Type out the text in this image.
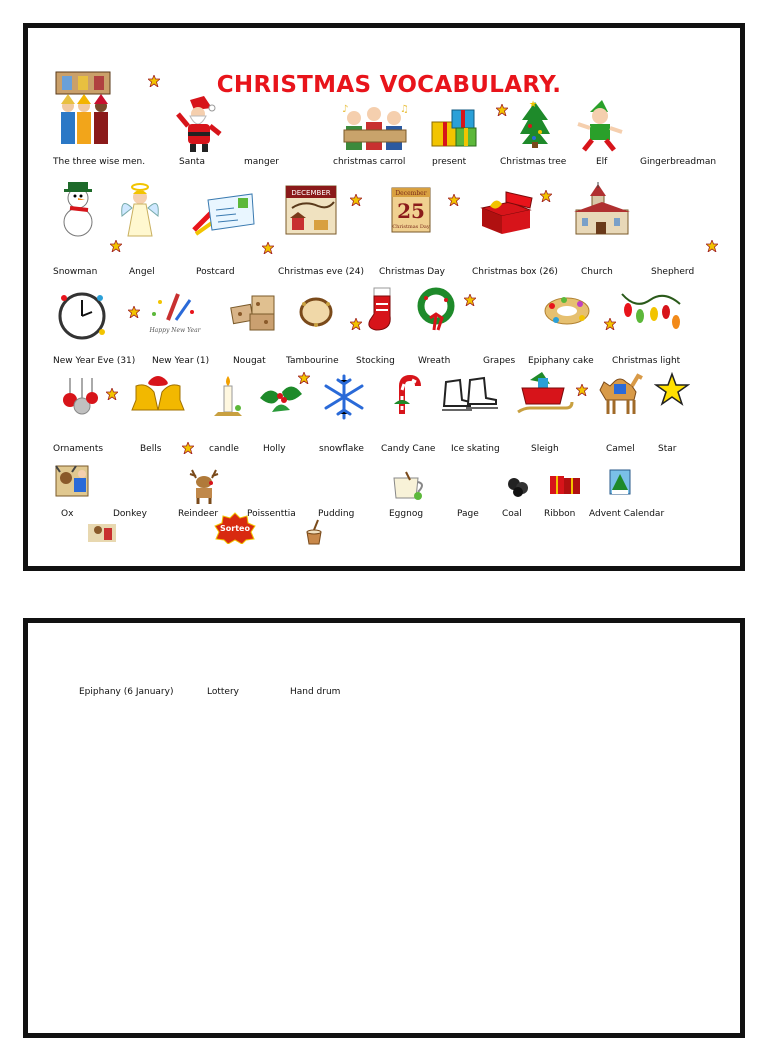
CHRISTMAS VOCABULARY.
♪	♫	★
The three wise men.	Santa	manger	christmas carrol	present	Christmas tree	Elf	Gingerbreadman
DECEMBER	December
25
Christmas Day
Snowman	Angel	Postcard	Christmas eve (24) Christmas Day	Christmas box (26)	Church	Shepherd
Happy New Year
New Year Eve (31) New Year (1)	Nougat Tambourine Stocking	Wreath	Grapes Epiphany cake Christmas light
Ornaments	Bells	candle	Holly	snowflake Candy Cane Ice skating	Sleigh	Camel	Star
Sorteo
Ox	Donkey	Reindeer	Poissenttia Pudding	Eggnog	Page	Coal Ribbon Advent Calendar
Epiphany (6 January)	Lottery	Hand drum
